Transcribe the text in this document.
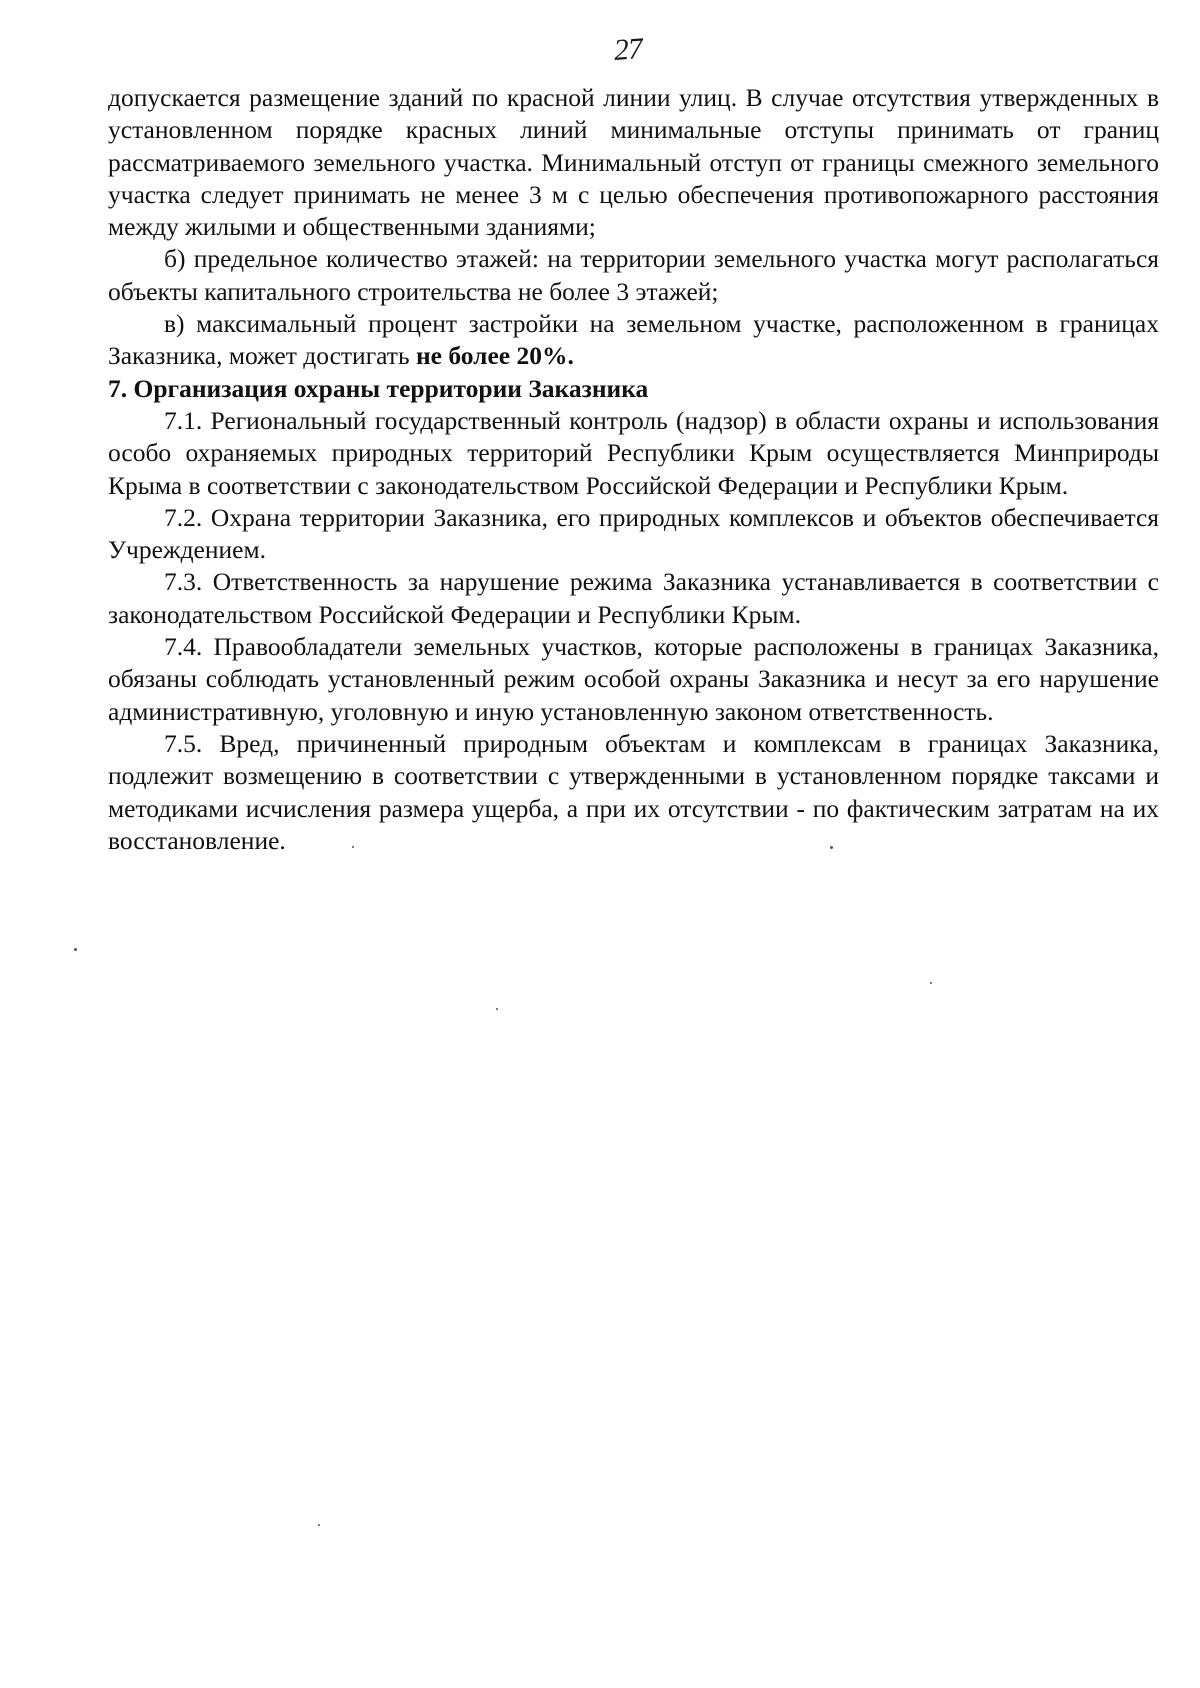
27

допускается размещение зданий по красной линии улиц. В случае отсутствия утвержденных в установленном порядке красных линий минимальные отступы принимать от границ рассматриваемого земельного участка. Минимальный отступ от границы смежного земельного участка следует принимать не менее 3 м с целью обеспечения противопожарного расстояния между жилыми и общественными зданиями;

б) предельное количество этажей: на территории земельного участка могут располагаться объекты капитального строительства не более 3 этажей;

в) максимальный процент застройки на земельном участке, расположенном в границах Заказника, может достигать не более 20%.

7. Организация охраны территории Заказника

7.1. Региональный государственный контроль (надзор) в области охраны и использования особо охраняемых природных территорий Республики Крым осуществляется Минприроды Крыма в соответствии с законодательством Российской Федерации и Республики Крым.

7.2. Охрана территории Заказника, его природных комплексов и объектов обеспечивается Учреждением.

7.3. Ответственность за нарушение режима Заказника устанавливается в соответствии с законодательством Российской Федерации и Республики Крым.

7.4. Правообладатели земельных участков, которые расположены в границах Заказника, обязаны соблюдать установленный режим особой охраны Заказника и несут за его нарушение административную, уголовную и иную установленную законом ответственность.

7.5. Вред, причиненный природным объектам и комплексам в границах Заказника, подлежит возмещению в соответствии с утвержденными в установленном порядке таксами и методиками исчисления размера ущерба, а при их отсутствии - по фактическим затратам на их восстановление.
